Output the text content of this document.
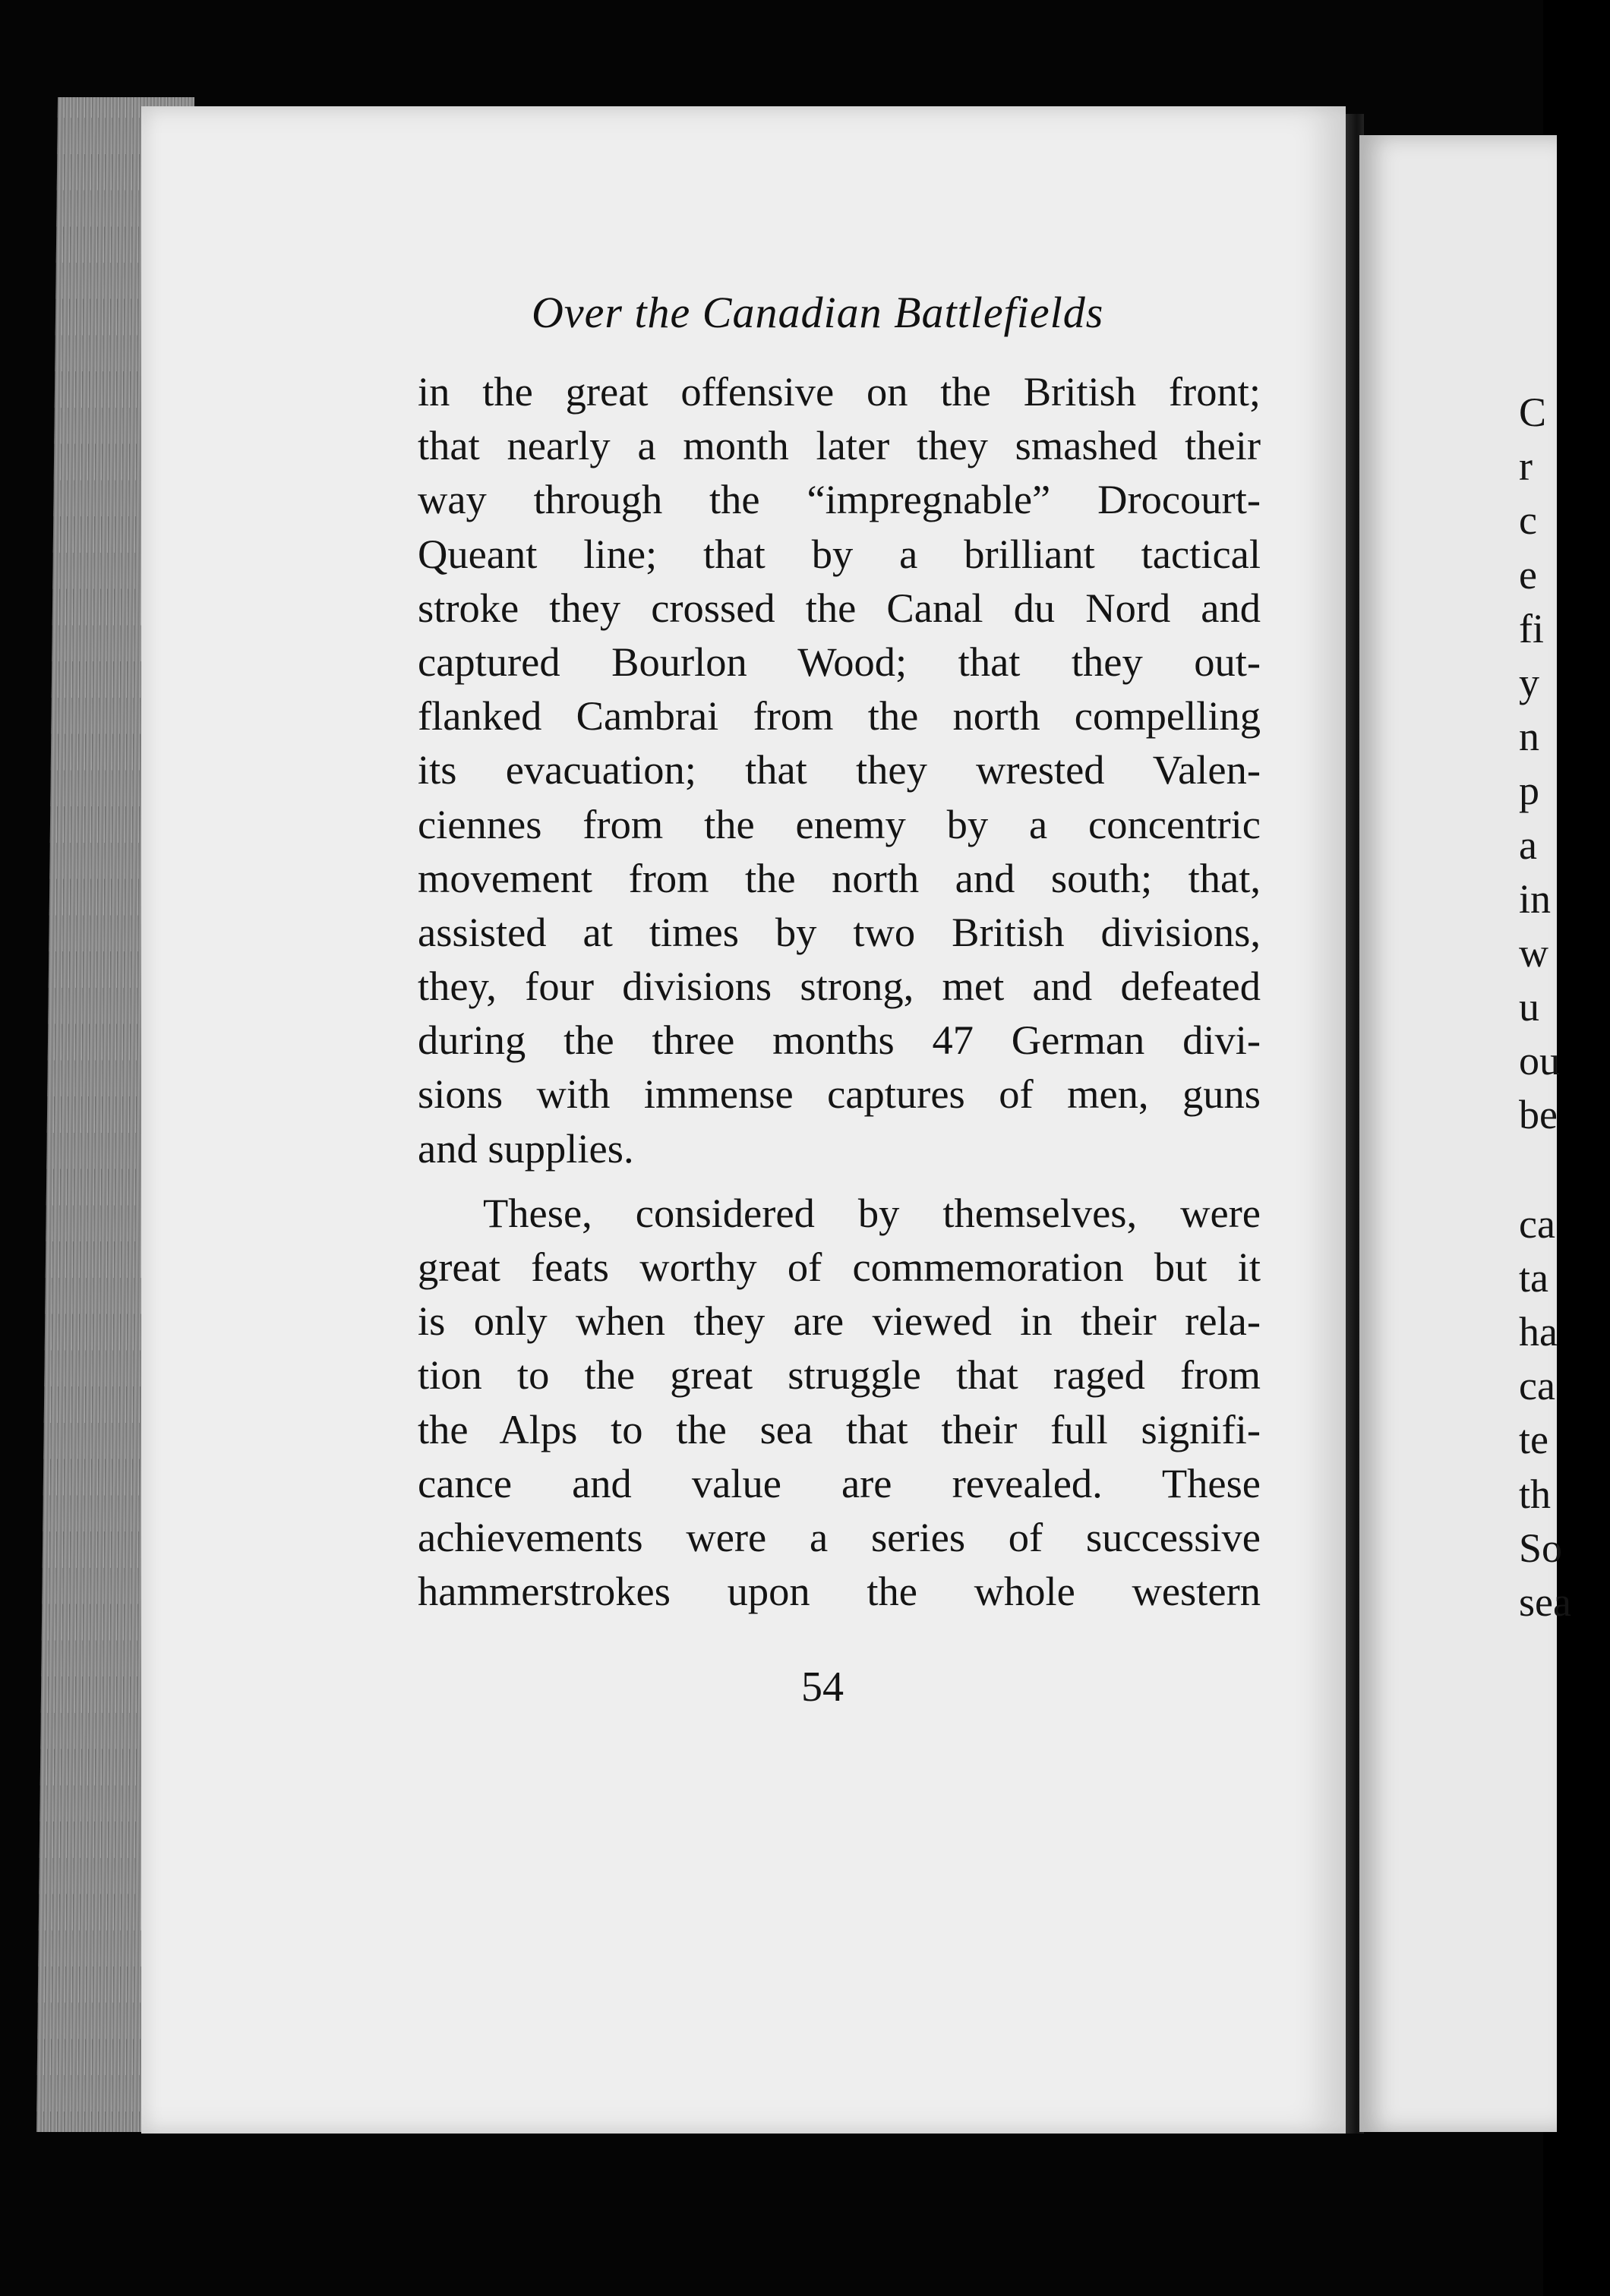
Over the Canadian Battlefields
in the great offensive on the British front;
that nearly a month later they smashed their
way through the “impregnable” Drocourt-
Queant line; that by a brilliant tactical
stroke they crossed the Canal du Nord and
captured Bourlon Wood; that they out-
flanked Cambrai from the north compelling
its evacuation; that they wrested Valen-
ciennes from the enemy by a concentric
movement from the north and south; that,
assisted at times by two British divisions,
they, four divisions strong, met and defeated
during the three months 47 German divi-
sions with immense captures of men, guns
and supplies.
These, considered by themselves, were
great feats worthy of commemoration but it
is only when they are viewed in their rela-
tion to the great struggle that raged from
the Alps to the sea that their full signifi-
cance and value are revealed. These
achievements were a series of successive
hammerstrokes upon the whole western
54
C
r
c
e
fi
y
n
p
a
in
w
u
ou
be
ca
ta
ha
ca
te
th
So
sea
